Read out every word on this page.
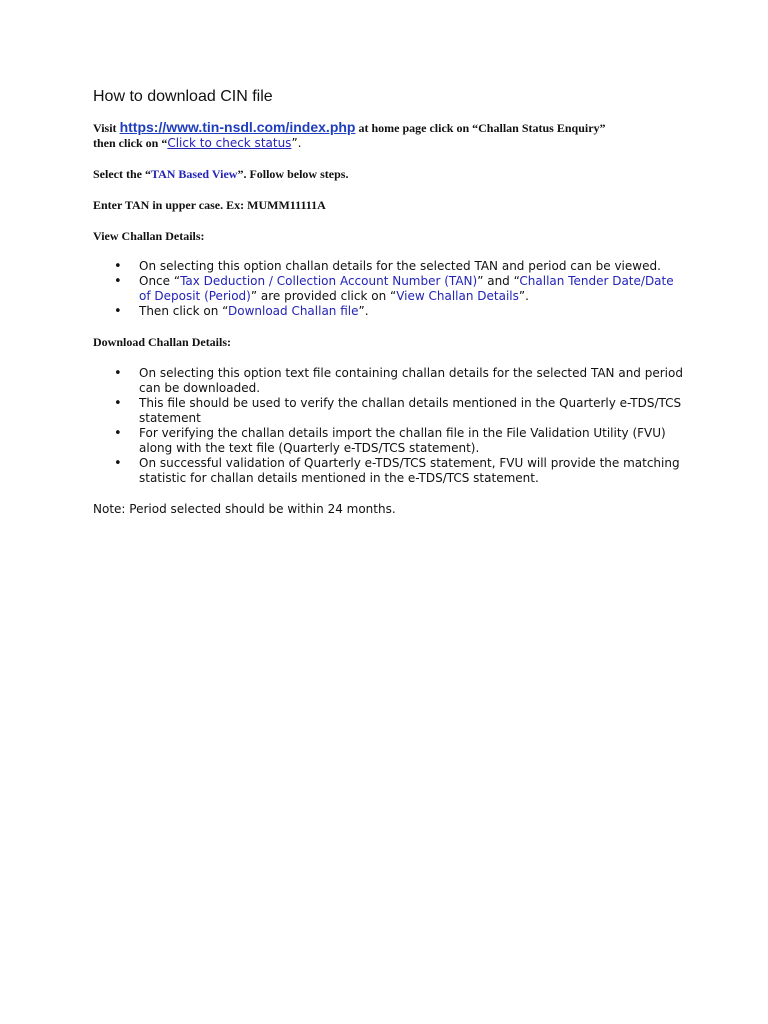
How to download CIN file

Visit https://www.tin-nsdl.com/index.php at home page click on “Challan Status Enquiry”
then click on “Click to check status”.

Select the “TAN Based View”. Follow below steps.

Enter TAN in upper case. Ex: MUMM11111A

View Challan Details:

• On selecting this option challan details for the selected TAN and period can be viewed.
• Once “Tax Deduction / Collection Account Number (TAN)” and “Challan Tender Date/Date of Deposit (Period)” are provided click on “View Challan Details”.
• Then click on “Download Challan file”.

Download Challan Details:

• On selecting this option text file containing challan details for the selected TAN and period can be downloaded.
• This file should be used to verify the challan details mentioned in the Quarterly e-TDS/TCS statement
• For verifying the challan details import the challan file in the File Validation Utility (FVU) along with the text file (Quarterly e-TDS/TCS statement).
• On successful validation of Quarterly e-TDS/TCS statement, FVU will provide the matching statistic for challan details mentioned in the e-TDS/TCS statement.

Note: Period selected should be within 24 months.
